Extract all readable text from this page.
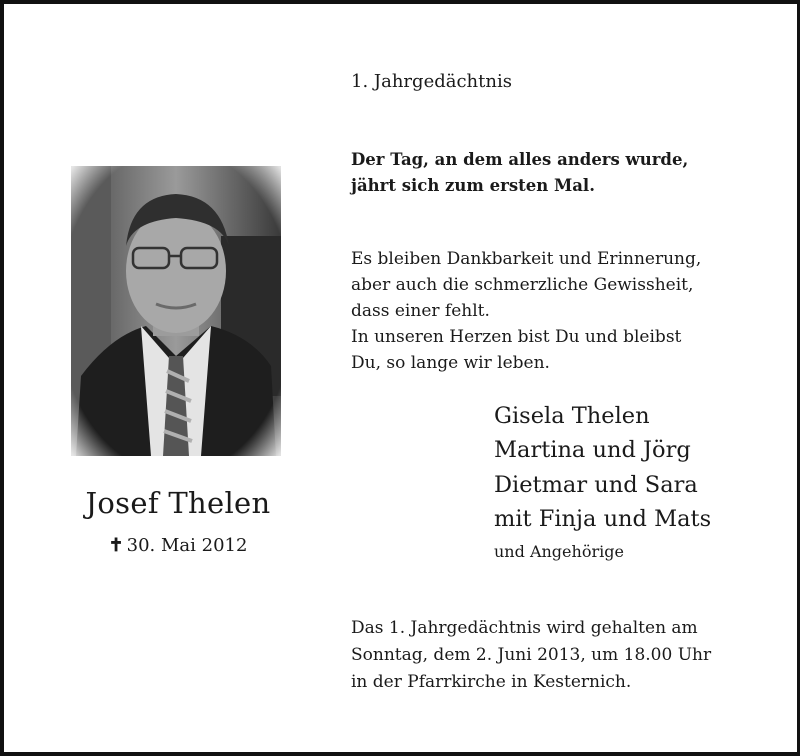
Josef Thelen
✝ 30. Mai 2012
1. Jahrgedächtnis
Der Tag, an dem alles anders wurde,
jährt sich zum ersten Mal.
Es bleiben Dankbarkeit und Erinnerung,
aber auch die schmerzliche Gewissheit,
dass einer fehlt.
In unseren Herzen bist Du und bleibst
Du, so lange wir leben.
Gisela Thelen
Martina und Jörg
Dietmar und Sara
mit Finja und Mats
und Angehörige
Das 1. Jahrgedächtnis wird gehalten am
Sonntag, dem 2. Juni 2013, um 18.00 Uhr
in der Pfarrkirche in Kesternich.
